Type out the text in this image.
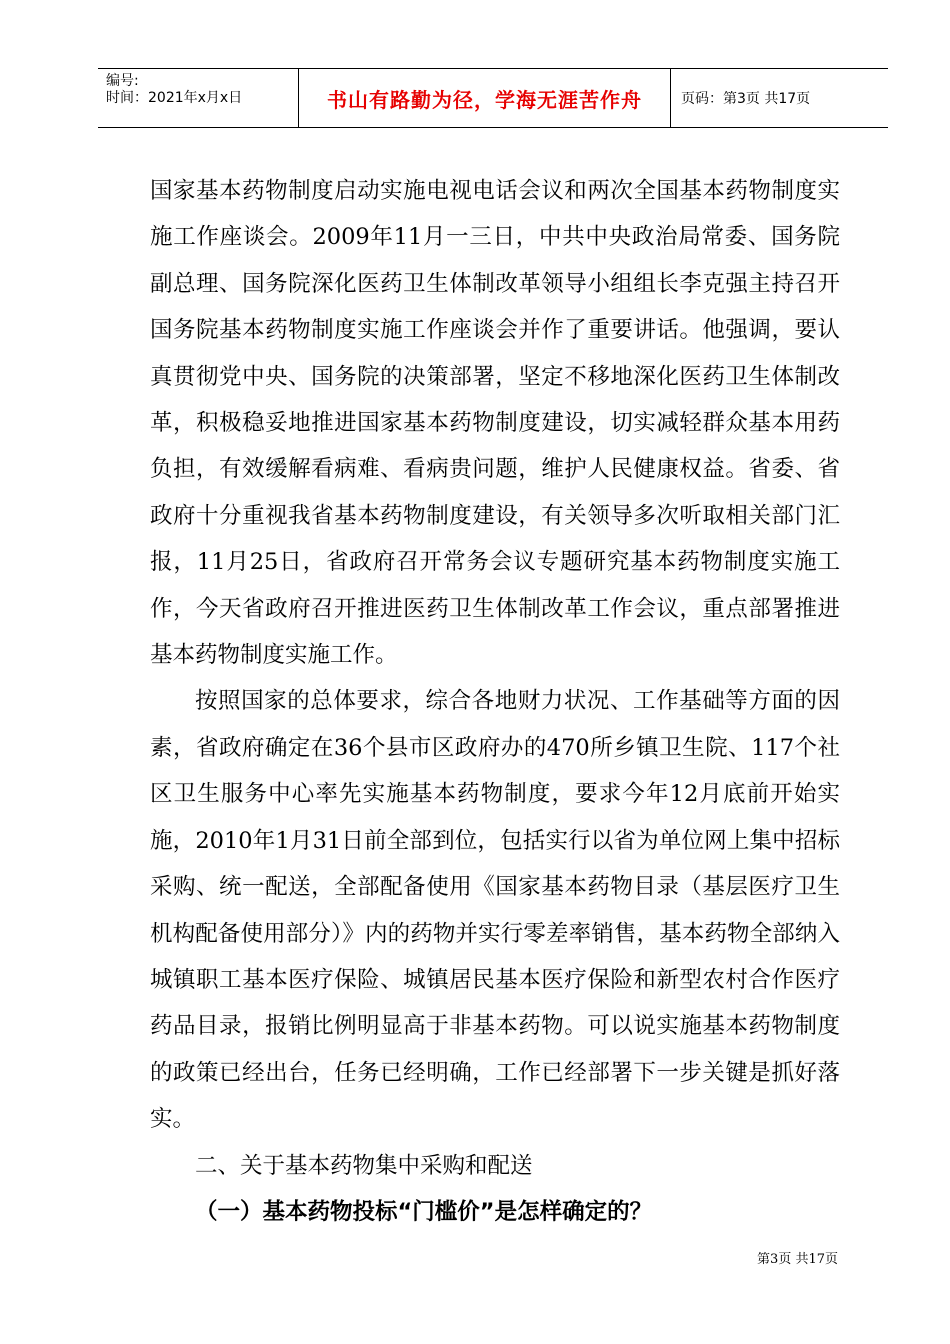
编号:
时间：2021年x月x日	书山有路勤为径，学海无涯苦作舟	页码：第3页 共17页

国家基本药物制度启动实施电视电话会议和两次全国基本药物制度实施工作座谈会。2009年11月一三日，中共中央政治局常委、国务院副总理、国务院深化医药卫生体制改革领导小组组长李克强主持召开国务院基本药物制度实施工作座谈会并作了重要讲话。他强调，要认真贯彻党中央、国务院的决策部署，坚定不移地深化医药卫生体制改革，积极稳妥地推进国家基本药物制度建设，切实减轻群众基本用药负担，有效缓解看病难、看病贵问题，维护人民健康权益。省委、省政府十分重视我省基本药物制度建设，有关领导多次听取相关部门汇报，11月25日，省政府召开常务会议专题研究基本药物制度实施工作，今天省政府召开推进医药卫生体制改革工作会议，重点部署推进基本药物制度实施工作。

按照国家的总体要求，综合各地财力状况、工作基础等方面的因素，省政府确定在36个县市区政府办的470所乡镇卫生院、117个社区卫生服务中心率先实施基本药物制度，要求今年12月底前开始实施，2010年1月31日前全部到位，包括实行以省为单位网上集中招标采购、统一配送，全部配备使用《国家基本药物目录（基层医疗卫生机构配备使用部分）》内的药物并实行零差率销售，基本药物全部纳入城镇职工基本医疗保险、城镇居民基本医疗保险和新型农村合作医疗药品目录，报销比例明显高于非基本药物。可以说实施基本药物制度的政策已经出台，任务已经明确，工作已经部署下一步关键是抓好落实。

二、关于基本药物集中采购和配送

（一）基本药物投标“门槛价”是怎样确定的？

第3页 共17页
